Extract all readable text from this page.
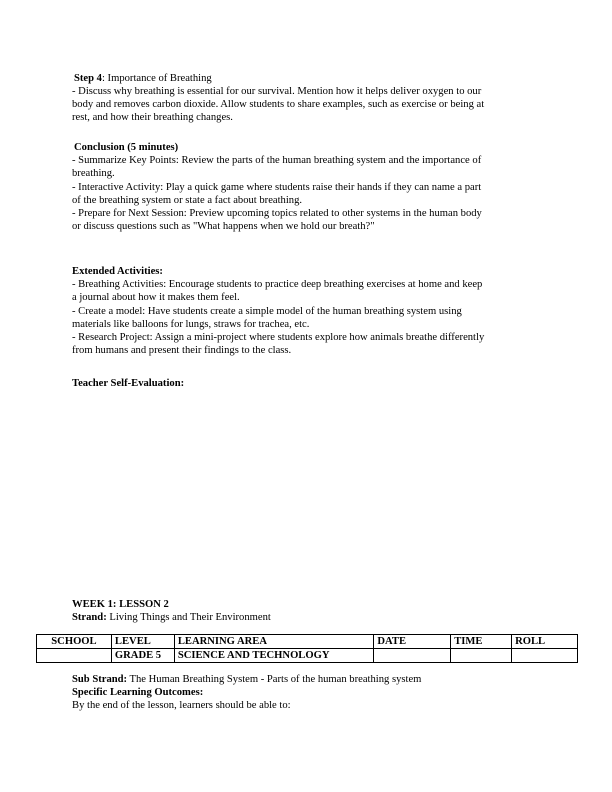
Step 4: Importance of Breathing
- Discuss why breathing is essential for our survival. Mention how it helps deliver oxygen to our
body and removes carbon dioxide. Allow students to share examples, such as exercise or being at
rest, and how their breathing changes.
Conclusion (5 minutes)
- Summarize Key Points: Review the parts of the human breathing system and the importance of
breathing.
- Interactive Activity: Play a quick game where students raise their hands if they can name a part
of the breathing system or state a fact about breathing.
- Prepare for Next Session: Preview upcoming topics related to other systems in the human body
or discuss questions such as "What happens when we hold our breath?"
Extended Activities:
- Breathing Activities: Encourage students to practice deep breathing exercises at home and keep
a journal about how it makes them feel.
- Create a model: Have students create a simple model of the human breathing system using
materials like balloons for lungs, straws for trachea, etc.
- Research Project: Assign a mini-project where students explore how animals breathe differently
from humans and present their findings to the class.
Teacher Self-Evaluation:
WEEK 1: LESSON 2
Strand: Living Things and Their Environment
SCHOOL	LEVEL	LEARNING AREA	DATE	TIME	ROLL
	GRADE 5	SCIENCE AND TECHNOLOGY			
Sub Strand: The Human Breathing System - Parts of the human breathing system
Specific Learning Outcomes:
By the end of the lesson, learners should be able to:
